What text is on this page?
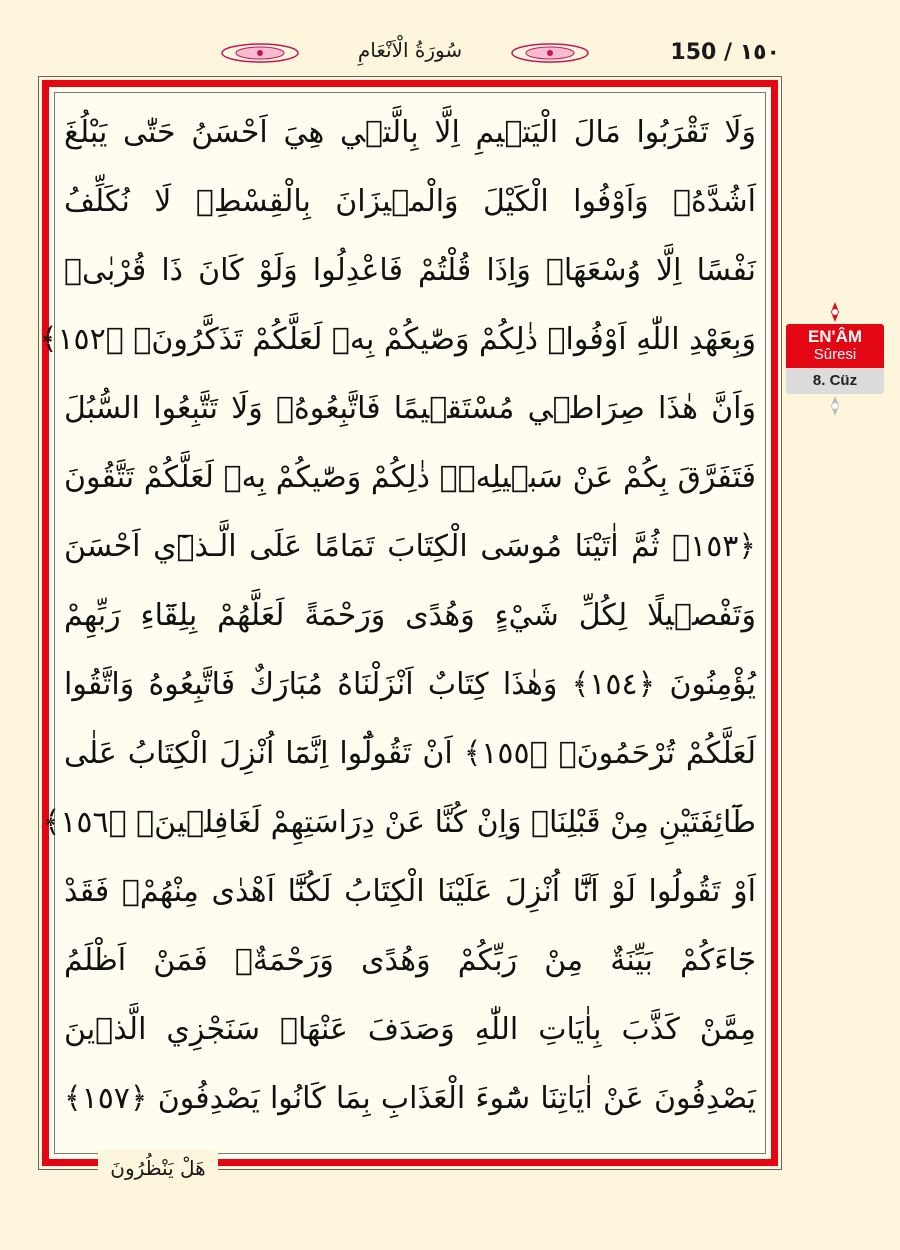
سُورَةُ الْاَنْعَامِ	150 / ١٥٠
وَلَا تَقْرَبُوا مَالَ الْيَت۪يمِ اِلَّا بِالَّت۪ي هِيَ اَحْسَنُ حَتّٰى يَبْلُغَ
اَشُدَّهُۚ وَاَوْفُوا الْكَيْلَ وَالْم۪يزَانَ بِالْقِسْطِۚ لَا نُكَلِّفُ
نَفْسًا اِلَّا وُسْعَهَاۚ وَاِذَا قُلْتُمْ فَاعْدِلُوا وَلَوْ كَانَ ذَا قُرْبٰىۚ
وَبِعَهْدِ اللّٰهِ اَوْفُواۜ ذٰلِكُمْ وَصّٰيكُمْ بِه۪ لَعَلَّكُمْ تَذَكَّرُونَۙ ﴿١٥٢﴾
وَاَنَّ هٰذَا صِرَاط۪ي مُسْتَق۪يمًا فَاتَّبِعُوهُۚ وَلَا تَتَّبِعُوا السُّبُلَ
فَتَفَرَّقَ بِكُمْ عَنْ سَب۪يلِه۪ۜ ذٰلِكُمْ وَصّٰيكُمْ بِه۪ لَعَلَّكُمْ تَتَّقُونَ
﴿١٥٣﴾ ثُمَّ اٰتَيْنَا مُوسَى الْكِتَابَ تَمَامًا عَلَى الَّـذ۪ٓي اَحْسَنَ
وَتَفْص۪يلًا لِكُلِّ شَيْءٍ وَهُدًى وَرَحْمَةً لَعَلَّهُمْ بِلِقَٓاءِ رَبِّهِمْ
يُؤْمِنُونَ ﴿١٥٤﴾ وَهٰذَا كِتَابٌ اَنْزَلْنَاهُ مُبَارَكٌ فَاتَّبِعُوهُ وَاتَّقُوا
لَعَلَّكُمْ تُرْحَمُونَۙ ﴿١٥٥﴾ اَنْ تَقُولُٓوا اِنَّمَٓا اُنْزِلَ الْكِتَابُ عَلٰى
طَٓائِفَتَيْنِ مِنْ قَبْلِنَاۖ وَاِنْ كُنَّا عَنْ دِرَاسَتِهِمْ لَغَافِل۪ينَۙ ﴿١٥٦﴾
اَوْ تَقُولُوا لَوْ اَنَّٓا اُنْزِلَ عَلَيْنَا الْكِتَابُ لَكُنَّٓا اَهْدٰى مِنْهُمْۚ فَقَدْ
جَٓاءَكُمْ بَيِّنَةٌ مِنْ رَبِّكُمْ وَهُدًى وَرَحْمَةٌۚ فَمَنْ اَظْلَمُ
مِمَّنْ كَذَّبَ بِاٰيَاتِ اللّٰهِ وَصَدَفَ عَنْهَاۜ سَنَجْزِي الَّذ۪ينَ
يَصْدِفُونَ عَنْ اٰيَاتِنَا سُٓوءَ الْعَذَابِ بِمَا كَانُوا يَصْدِفُونَ ﴿١٥٧﴾
هَلْ يَنْظُرُونَ
EN'ÂM
Sûresi
8. Cüz
